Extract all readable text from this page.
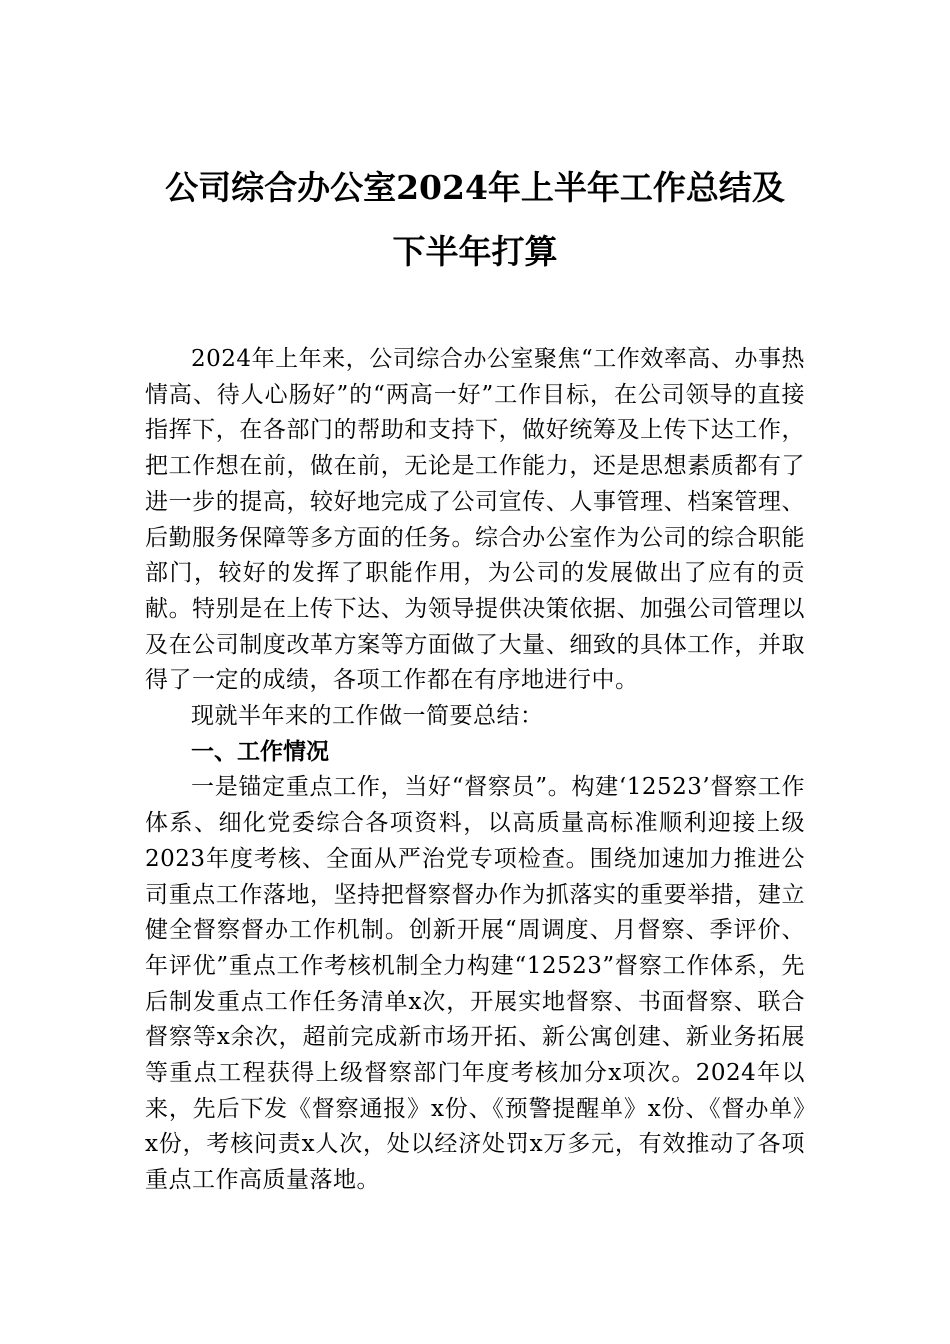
公司综合办公室2024年上半年工作总结及
下半年打算

2024年上年来，公司综合办公室聚焦“工作效率高、办事热情高、待人心肠好”的“两高一好”工作目标，在公司领导的直接指挥下，在各部门的帮助和支持下，做好统筹及上传下达工作，把工作想在前，做在前，无论是工作能力，还是思想素质都有了进一步的提高，较好地完成了公司宣传、人事管理、档案管理、后勤服务保障等多方面的任务。综合办公室作为公司的综合职能部门，较好的发挥了职能作用，为公司的发展做出了应有的贡献。特别是在上传下达、为领导提供决策依据、加强公司管理以及在公司制度改革方案等方面做了大量、细致的具体工作，并取得了一定的成绩，各项工作都在有序地进行中。

现就半年来的工作做一简要总结：

一、工作情况

一是锚定重点工作，当好“督察员”。构建‘12523’督察工作体系、细化党委综合各项资料，以高质量高标准顺利迎接上级2023年度考核、全面从严治党专项检查。围绕加速加力推进公司重点工作落地，坚持把督察督办作为抓落实的重要举措，建立健全督察督办工作机制。创新开展“周调度、月督察、季评价、年评优”重点工作考核机制全力构建“12523”督察工作体系，先后制发重点工作任务清单x次，开展实地督察、书面督察、联合督察等x余次，超前完成新市场开拓、新公寓创建、新业务拓展等重点工程获得上级督察部门年度考核加分x项次。2024年以来，先后下发《督察通报》x份、《预警提醒单》x份、《督办单》x份，考核问责x人次，处以经济处罚x万多元，有效推动了各项重点工作高质量落地。
